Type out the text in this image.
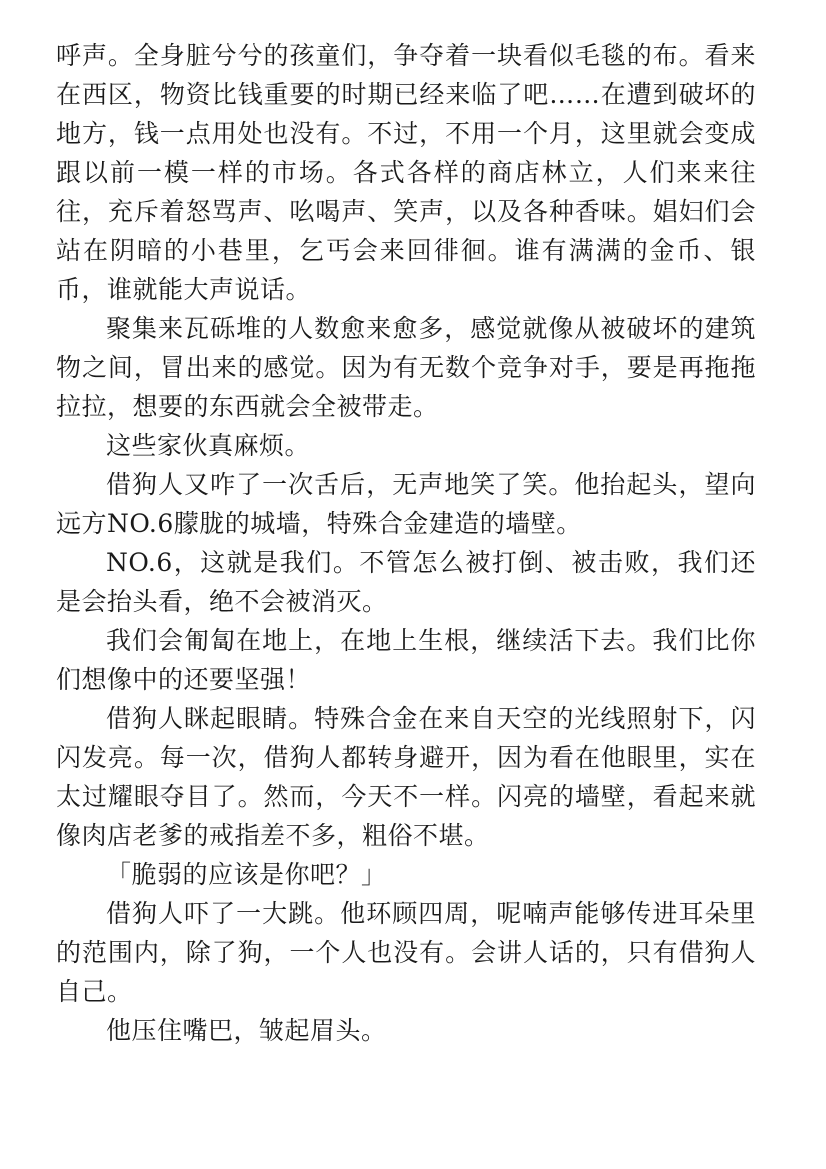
呼声。全身脏兮兮的孩童们，争夺着一块看似毛毯的布。看来在西区，物资比钱重要的时期已经来临了吧……在遭到破坏的地方，钱一点用处也没有。不过，不用一个月，这里就会变成跟以前一模一样的市场。各式各样的商店林立，人们来来往往，充斥着怒骂声、吆喝声、笑声，以及各种香味。娼妇们会站在阴暗的小巷里，乞丐会来回徘徊。谁有满满的金币、银币，谁就能大声说话。

聚集来瓦砾堆的人数愈来愈多，感觉就像从被破坏的建筑物之间，冒出来的感觉。因为有无数个竞争对手，要是再拖拖拉拉，想要的东西就会全被带走。

这些家伙真麻烦。

借狗人又咋了一次舌后，无声地笑了笑。他抬起头，望向远方NO.6朦胧的城墙，特殊合金建造的墙壁。

NO.6，这就是我们。不管怎么被打倒、被击败，我们还是会抬头看，绝不会被消灭。

我们会匍匐在地上，在地上生根，继续活下去。我们比你们想像中的还要坚强！

借狗人眯起眼睛。特殊合金在来自天空的光线照射下，闪闪发亮。每一次，借狗人都转身避开，因为看在他眼里，实在太过耀眼夺目了。然而，今天不一样。闪亮的墙壁，看起来就像肉店老爹的戒指差不多，粗俗不堪。

「脆弱的应该是你吧？」

借狗人吓了一大跳。他环顾四周，呢喃声能够传进耳朵里的范围内，除了狗，一个人也没有。会讲人话的，只有借狗人自己。

他压住嘴巴，皱起眉头。
